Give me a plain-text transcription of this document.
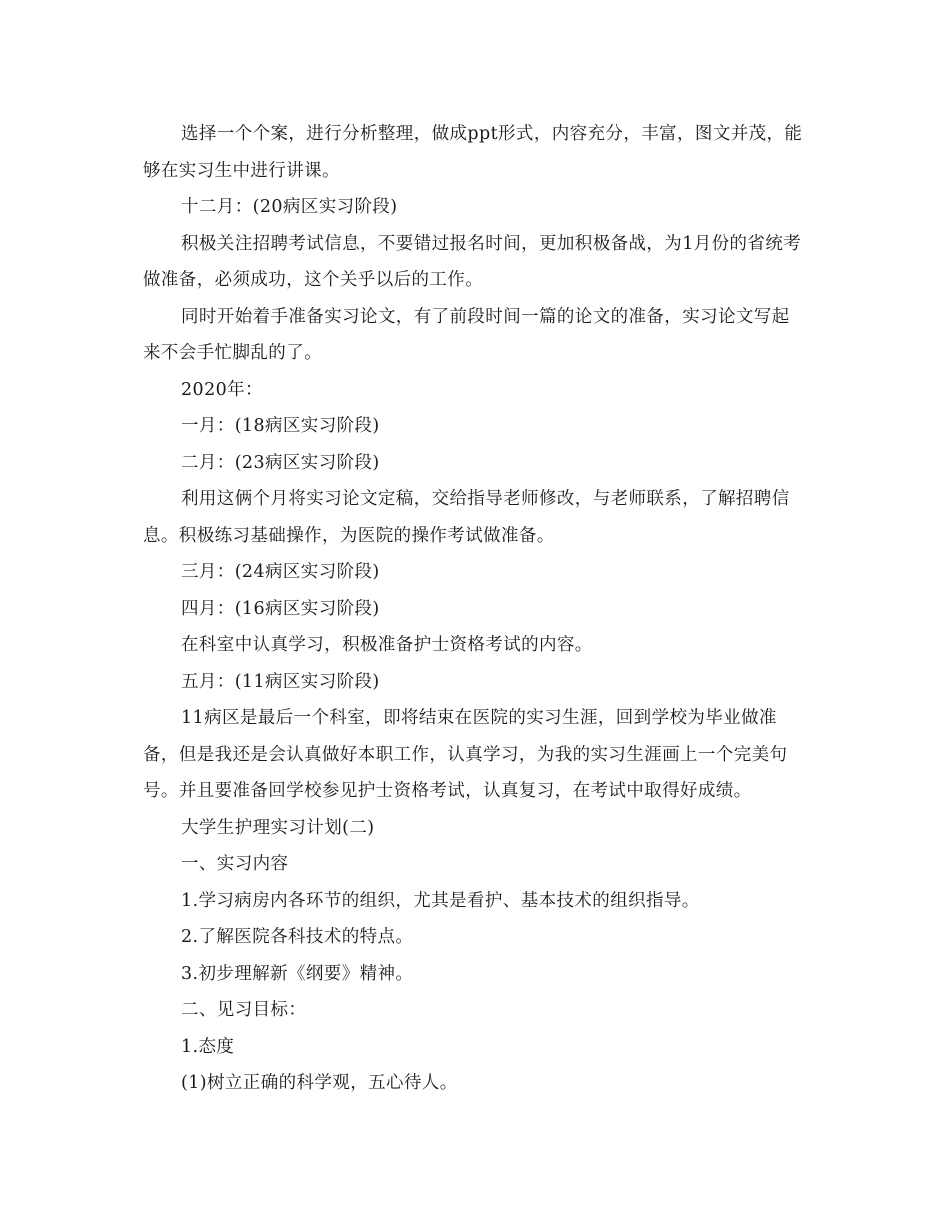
选择一个个案，进行分析整理，做成ppt形式，内容充分，丰富，图文并茂，能够在实习生中进行讲课。

十二月：(20病区实习阶段)

积极关注招聘考试信息，不要错过报名时间，更加积极备战，为1月份的省统考做准备，必须成功，这个关乎以后的工作。

同时开始着手准备实习论文，有了前段时间一篇的论文的准备，实习论文写起来不会手忙脚乱的了。

2020年：

一月：(18病区实习阶段)

二月：(23病区实习阶段)

利用这俩个月将实习论文定稿，交给指导老师修改，与老师联系，了解招聘信息。积极练习基础操作，为医院的操作考试做准备。

三月：(24病区实习阶段)

四月：(16病区实习阶段)

在科室中认真学习，积极准备护士资格考试的内容。

五月：(11病区实习阶段)

11病区是最后一个科室，即将结束在医院的实习生涯，回到学校为毕业做准备，但是我还是会认真做好本职工作，认真学习，为我的实习生涯画上一个完美句号。并且要准备回学校参见护士资格考试，认真复习，在考试中取得好成绩。

大学生护理实习计划(二)

一、实习内容

1.学习病房内各环节的组织，尤其是看护、基本技术的组织指导。

2.了解医院各科技术的特点。

3.初步理解新《纲要》精神。

二、见习目标：

1.态度

(1)树立正确的科学观，五心待人。
